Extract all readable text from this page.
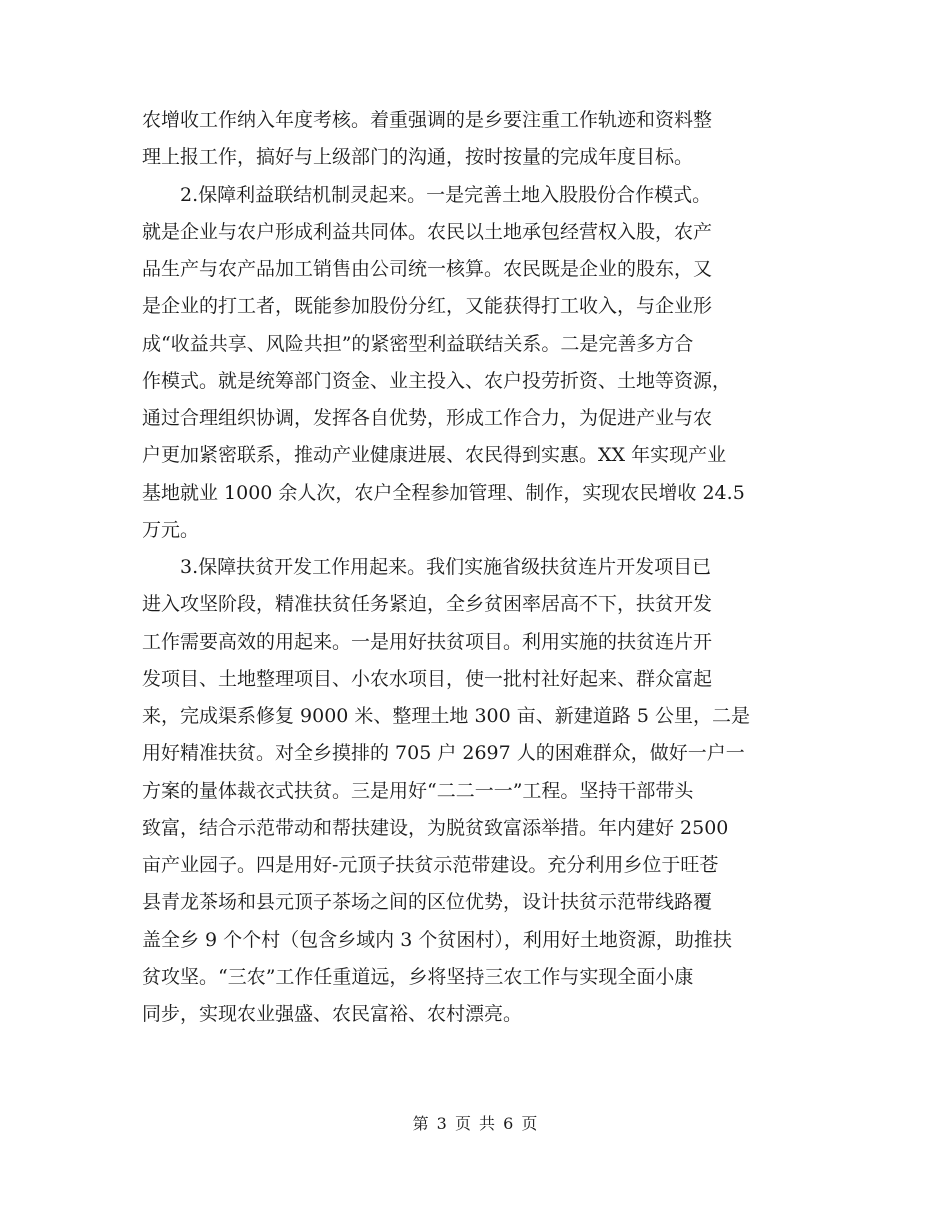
农增收工作纳入年度考核。着重强调的是乡要注重工作轨迹和资料整
理上报工作，搞好与上级部门的沟通，按时按量的完成年度目标。
2.保障利益联结机制灵起来。一是完善土地入股股份合作模式。
就是企业与农户形成利益共同体。农民以土地承包经营权入股，农产
品生产与农产品加工销售由公司统一核算。农民既是企业的股东，又
是企业的打工者，既能参加股份分红，又能获得打工收入，与企业形
成“收益共享、风险共担”的紧密型利益联结关系。二是完善多方合
作模式。就是统筹部门资金、业主投入、农户投劳折资、土地等资源，
通过合理组织协调，发挥各自优势，形成工作合力，为促进产业与农
户更加紧密联系，推动产业健康进展、农民得到实惠。XX 年实现产业
基地就业 1000 余人次，农户全程参加管理、制作，实现农民增收 24.5
万元。
3.保障扶贫开发工作用起来。我们实施省级扶贫连片开发项目已
进入攻坚阶段，精准扶贫任务紧迫，全乡贫困率居高不下，扶贫开发
工作需要高效的用起来。一是用好扶贫项目。利用实施的扶贫连片开
发项目、土地整理项目、小农水项目，使一批村社好起来、群众富起
来，完成渠系修复 9000 米、整理土地 300 亩、新建道路 5 公里，二是
用好精准扶贫。对全乡摸排的 705 户 2697 人的困难群众，做好一户一
方案的量体裁衣式扶贫。三是用好“二二一一”工程。坚持干部带头
致富，结合示范带动和帮扶建设，为脱贫致富添举措。年内建好 2500
亩产业园子。四是用好-元顶子扶贫示范带建设。充分利用乡位于旺苍
县青龙茶场和县元顶子茶场之间的区位优势，设计扶贫示范带线路覆
盖全乡 9 个个村（包含乡域内 3 个贫困村），利用好土地资源，助推扶
贫攻坚。“三农”工作任重道远，乡将坚持三农工作与实现全面小康
同步，实现农业强盛、农民富裕、农村漂亮。
第 3 页 共 6 页
